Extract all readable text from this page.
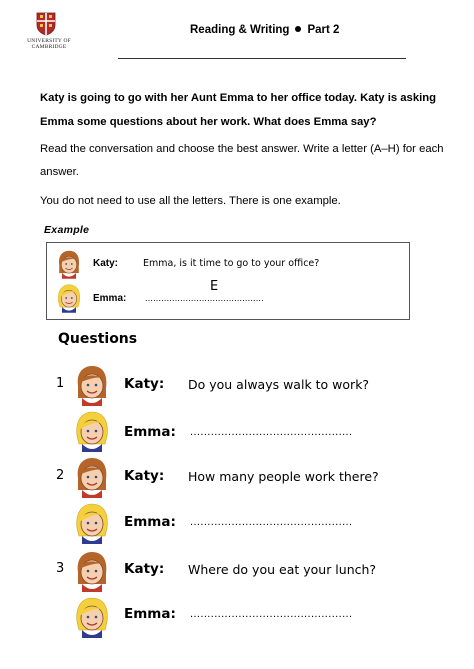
UNIVERSITY OF
CAMBRIDGE
Reading & Writing Part 2
Katy is going to go with her Aunt Emma to her office today. Katy is asking Emma some questions about her work. What does Emma say?
Read the conversation and choose the best answer. Write a letter (A–H) for each answer.
You do not need to use all the letters. There is one example.
Example
Katy:	Emma, is it time to go to your office?
Emma: ............................................
E
Questions
1	Katy: Do you always walk to work?
Emma: ...............................................
2	Katy: How many people work there?
Emma: ...............................................
3	Katy: Where do you eat your lunch?
Emma: ...............................................
